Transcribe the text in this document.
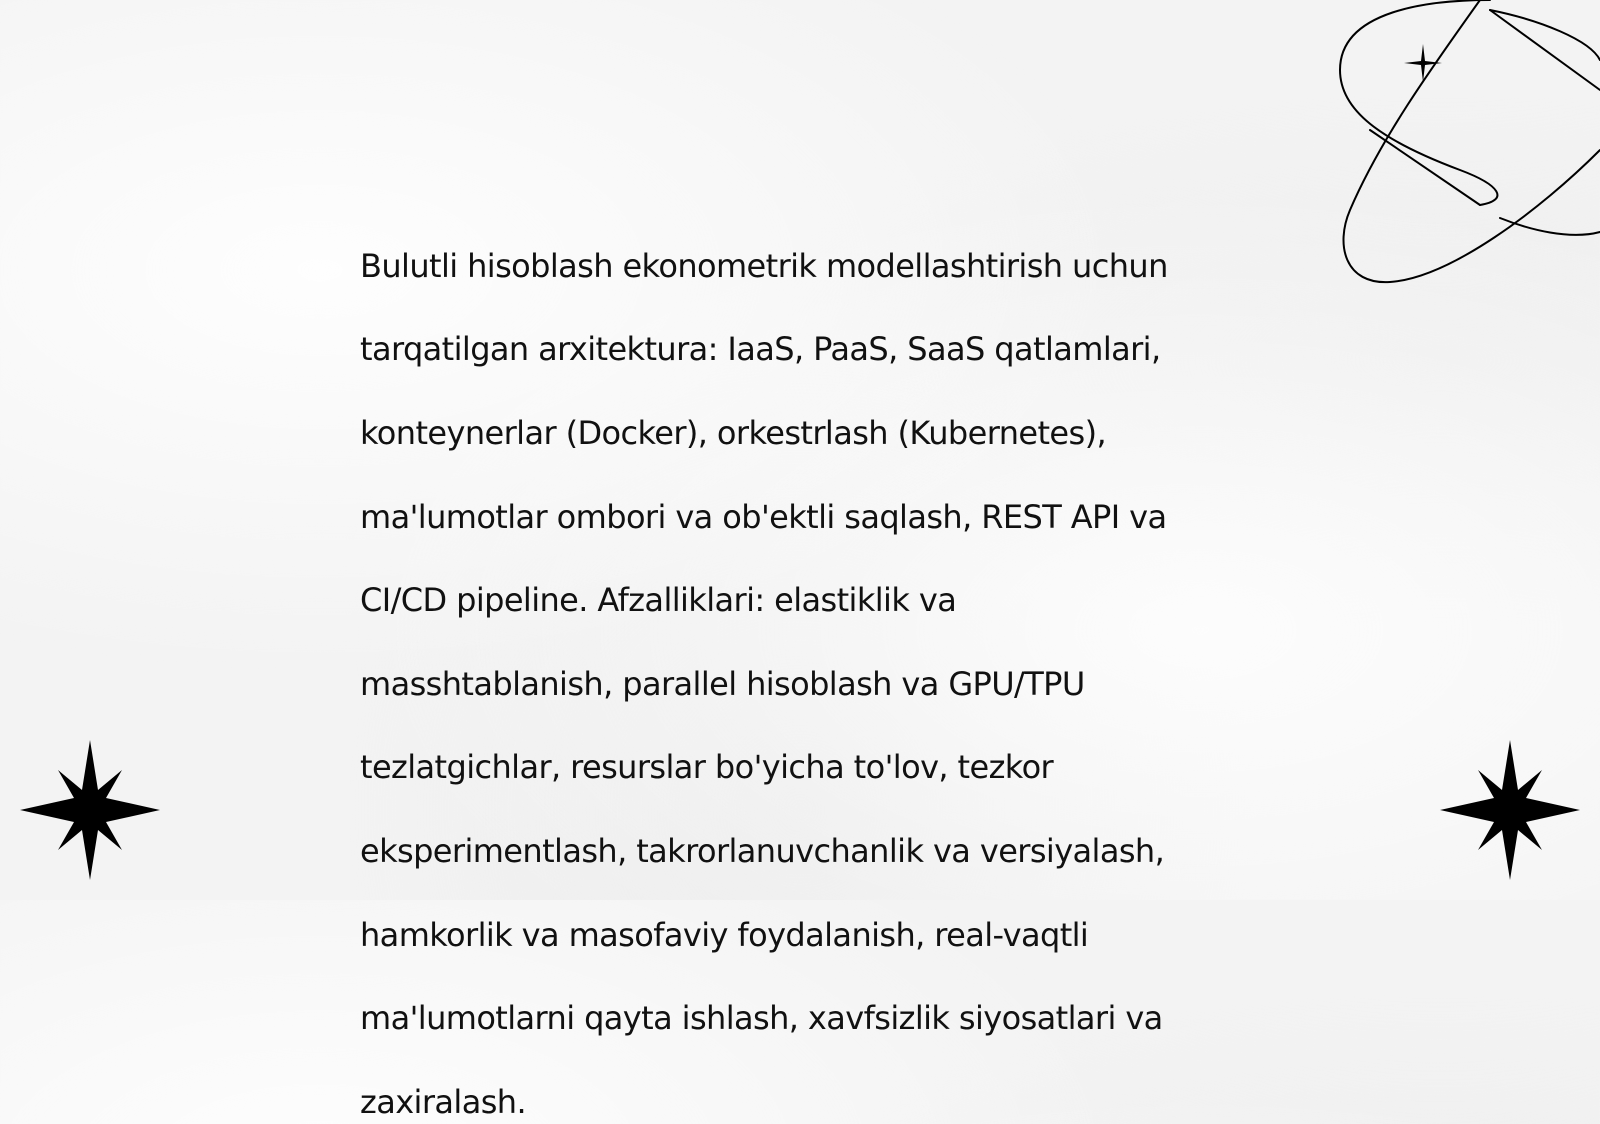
Bulutli hisoblash ekonometrik modellashtirish uchun

tarqatilgan arxitektura: IaaS, PaaS, SaaS qatlamlari,

konteynerlar (Docker), orkestrlash (Kubernetes),

ma'lumotlar ombori va ob'ektli saqlash, REST API va

CI/CD pipeline. Afzalliklari: elastiklik va

masshtablanish, parallel hisoblash va GPU/TPU

tezlatgichlar, resurslar bo'yicha to'lov, tezkor

eksperimentlash, takrorlanuvchanlik va versiyalash,

hamkorlik va masofaviy foydalanish, real-vaqtli

ma'lumotlarni qayta ishlash, xavfsizlik siyosatlari va

zaxiralash.
